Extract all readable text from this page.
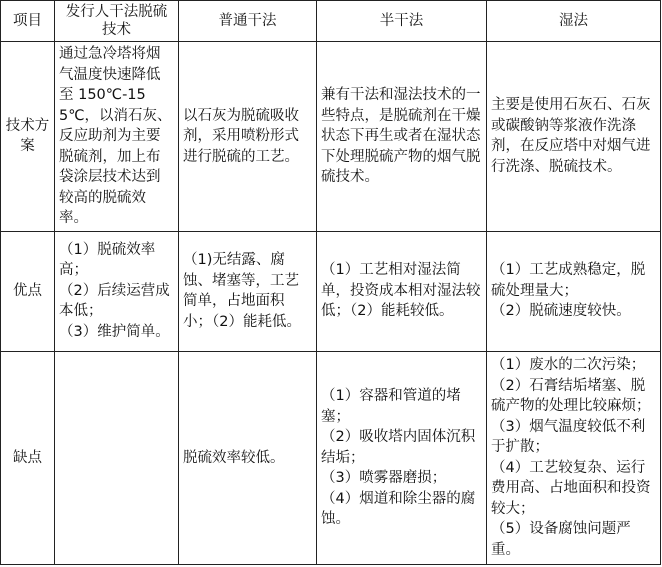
项目	发行人干法脱硫技术	普通干法	半干法	湿法
技术方案	通过急冷塔将烟气温度快速降低至 150℃-155℃，以消石灰、反应助剂为主要脱硫剂，加上布袋涂层技术达到较高的脱硫效率。	以石灰为脱硫吸收剂，采用喷粉形式进行脱硫的工艺。	兼有干法和湿法技术的一些特点，是脱硫剂在干燥状态下再生或者在湿状态下处理脱硫产物的烟气脱硫技术。	主要是使用石灰石、石灰或碳酸钠等浆液作洗涤剂，在反应塔中对烟气进行洗涤、脱硫技术。
优点	（1）脱硫效率高；
（2）后续运营成本低；
（3）维护简单。	（1)无结露、腐蚀、堵塞等，工艺简单，占地面积小；（2）能耗低。	（1）工艺相对湿法简单，投资成本相对湿法较低；（2）能耗较低。	（1）工艺成熟稳定，脱硫处理量大；
（2）脱硫速度较快。

缺点		脱硫效率较低。	（1）容器和管道的堵塞；
（2）吸收塔内固体沉积结垢；
（3）喷雾器磨损；
（4）烟道和除尘器的腐蚀。	（1）废水的二次污染；
（2）石膏结垢堵塞、脱硫产物的处理比较麻烦；
（3）烟气温度较低不利于扩散；
（4）工艺较复杂、运行费用高、占地面积和投资较大；
（5）设备腐蚀问题严重。
